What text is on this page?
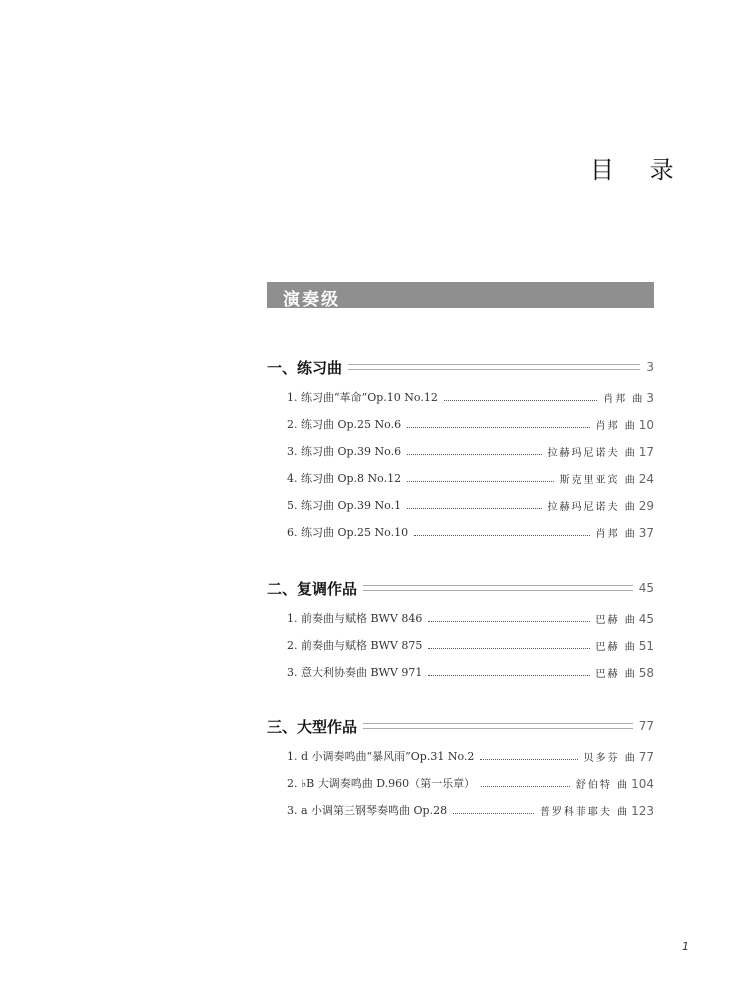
目 录
演奏级
一、练习曲	3
1. 练习曲“革命”Op.10 No.12	肖邦 曲 3
2. 练习曲 Op.25 No.6	肖邦 曲 10
3. 练习曲 Op.39 No.6	拉赫玛尼诺夫 曲 17
4. 练习曲 Op.8 No.12	斯克里亚宾 曲 24
5. 练习曲 Op.39 No.1	拉赫玛尼诺夫 曲 29
6. 练习曲 Op.25 No.10	肖邦 曲 37
二、复调作品	45
1. 前奏曲与赋格 BWV 846	巴赫 曲 45
2. 前奏曲与赋格 BWV 875	巴赫 曲 51
3. 意大利协奏曲 BWV 971	巴赫 曲 58
三、大型作品	77
1. d 小调奏鸣曲“暴风雨”Op.31 No.2	贝多芬 曲 77
2. ♭B 大调奏鸣曲 D.960（第一乐章）	舒伯特 曲 104
3. a 小调第三钢琴奏鸣曲 Op.28	普罗科菲耶夫 曲 123
1
